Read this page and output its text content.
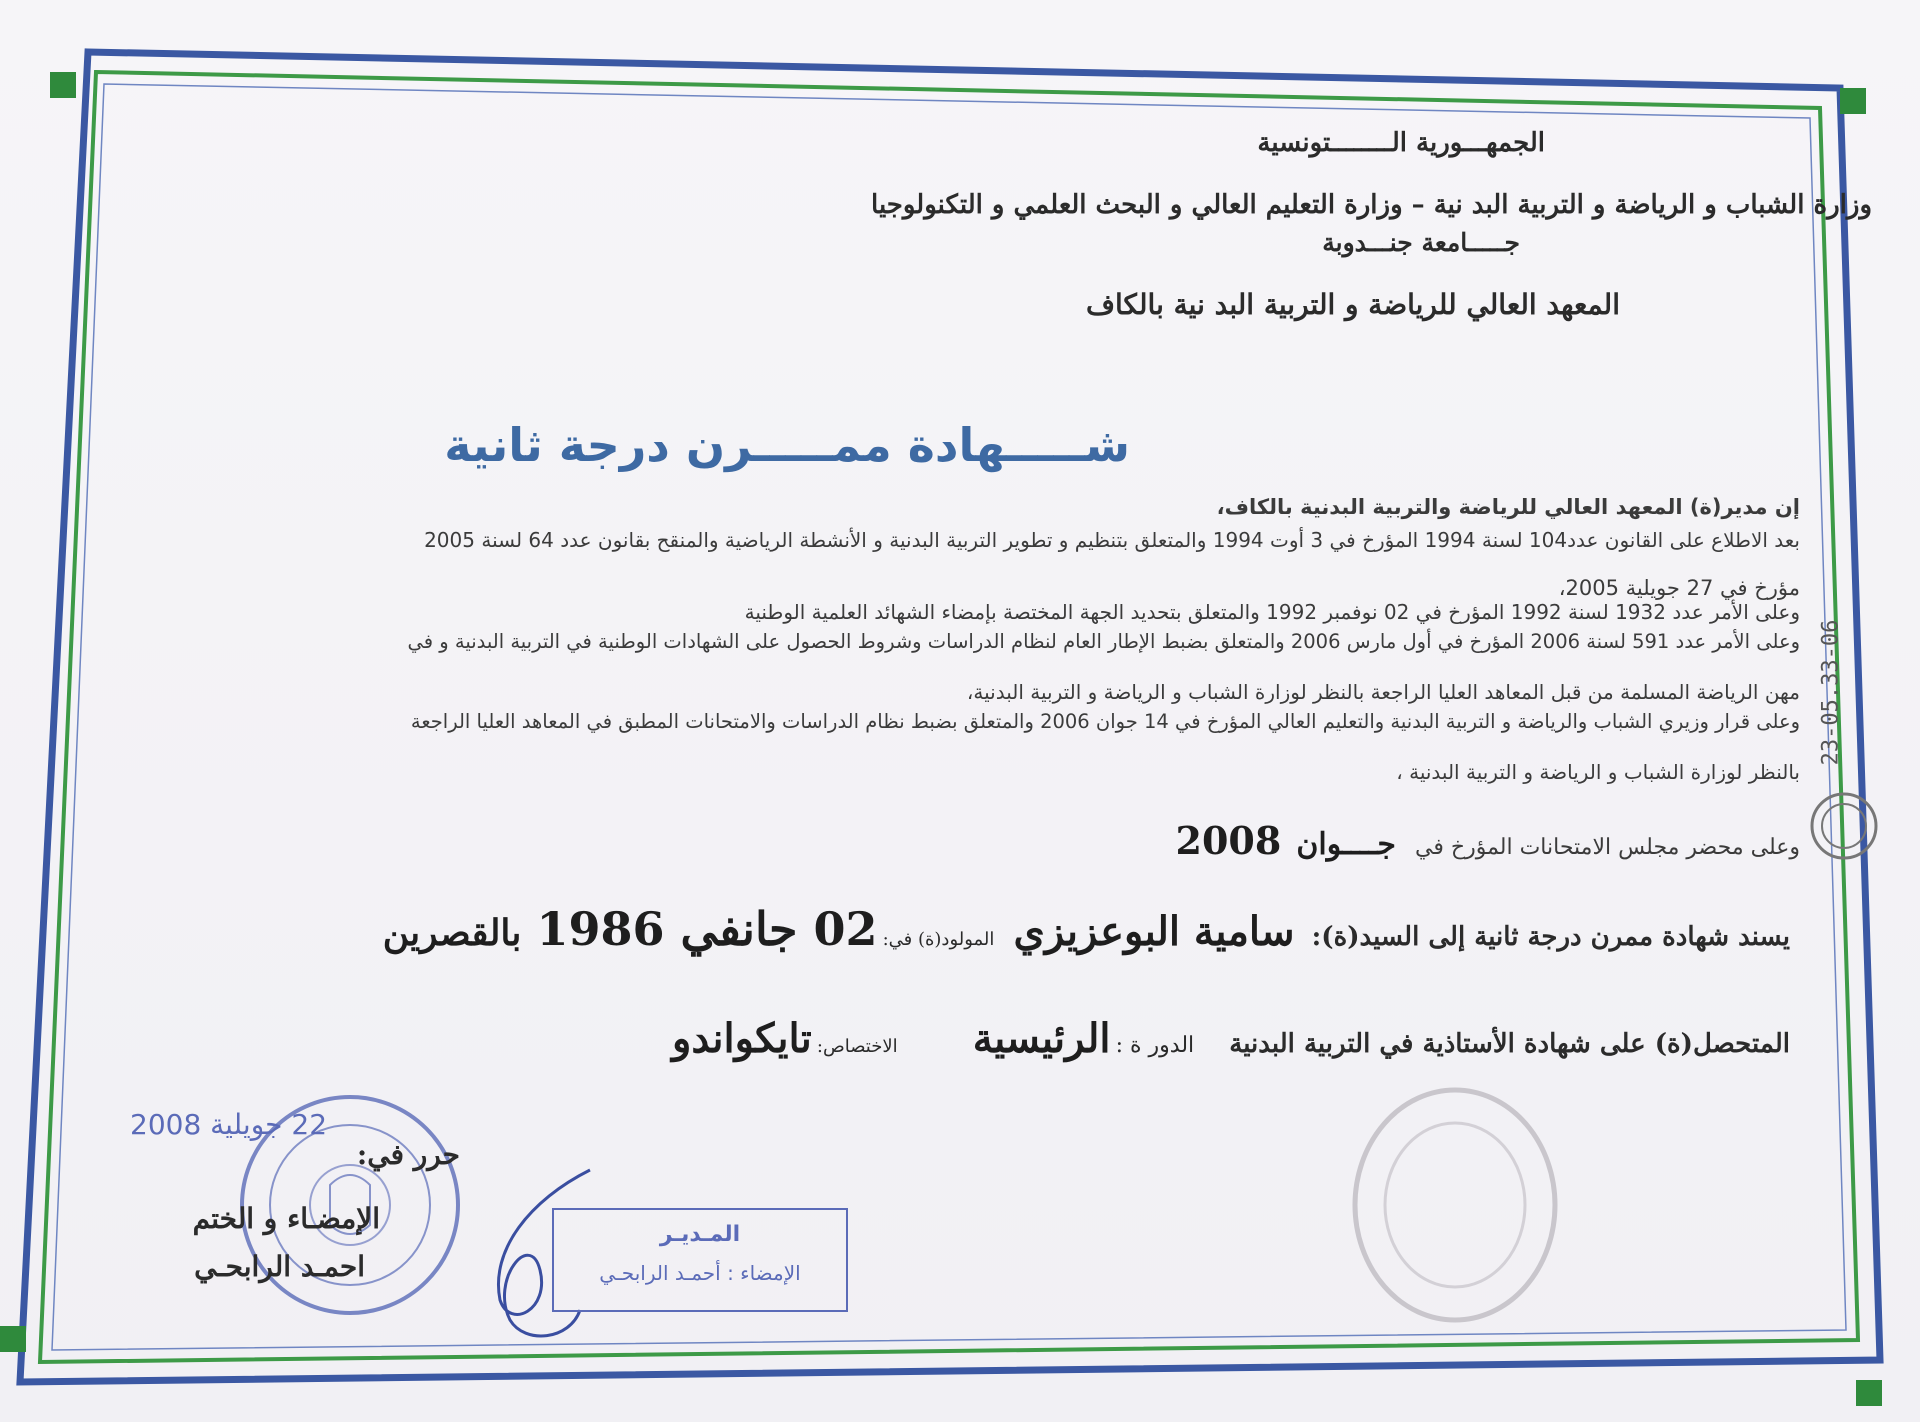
الجمهـــورية الــــــــتونسية
وزارة الشباب و الرياضة و التربية البد نية – وزارة التعليم العالي و البحث العلمي و التكنولوجيا
جـــــامعة جنـــدوبة
المعهد العالي للرياضة و التربية البد نية بالكاف
شـــــهادة ممـــــرن درجة ثانية
إن مدير(ة) المعهد العالي للرياضة والتربية البدنية بالكاف،
بعد الاطلاع على القانون عدد104 لسنة 1994 المؤرخ في 3 أوت 1994 والمتعلق بتنظيم و تطوير التربية البدنية و الأنشطة الرياضية والمنقح بقانون عدد 64 لسنة 2005
مؤرخ في 27 جويلية 2005،
وعلى الأمر عدد 1932 لسنة 1992 المؤرخ في 02 نوفمبر 1992 والمتعلق بتحديد الجهة المختصة بإمضاء الشهائد العلمية الوطنية
وعلى الأمر عدد 591 لسنة 2006 المؤرخ في أول مارس 2006 والمتعلق بضبط الإطار العام لنظام الدراسات وشروط الحصول على الشهادات الوطنية في التربية البدنية و في
مهن الرياضة المسلمة من قبل المعاهد العليا الراجعة بالنظر لوزارة الشباب و الرياضة و التربية البدنية،
وعلى قرار وزيري الشباب والرياضة و التربية البدنية والتعليم العالي المؤرخ في 14 جوان 2006 والمتعلق بضبط نظام الدراسات والامتحانات المطبق في المعاهد العليا الراجعة
بالنظر لوزارة الشباب و الرياضة و التربية البدنية ،
وعلى محضر مجلس الامتحانات المؤرخ في جــــوان 2008
يسند شهادة ممرن درجة ثانية إلى السيد(ة): سامية البوعزيزي المولود(ة) في: 02 جانفي 1986 بالقصرين
المتحصل(ة) على شهادة الأستاذية في التربية البدنية الدور ة : الرئيسية الاختصاص: تايكواندو
22 جويلية 2008
حرر في:
الإمضـاء و الختم
احمـد الرابحـي
المـديـر
الإمضاء : أحمـد الرابحـي
23-05.33-06
